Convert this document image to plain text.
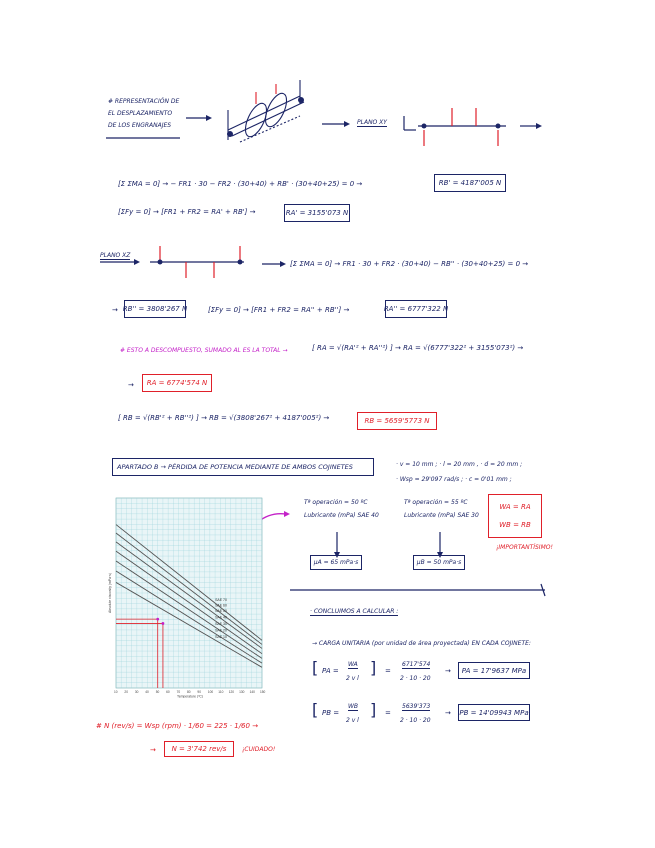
# REPRESENTACIÓN DE
EL DESPLAZAMIENTO
DE LOS ENGRANAJES	PLANO XY
[Σ ΣMA = 0] → − FR1 · 30 − FR2 · (30+40) + RB' · (30+40+25) = 0 →	RB' = 4187'005 N
[ΣFy = 0] → [FR1 + FR2 = RA' + RB'] →	RA' = 3155'073 N
PLANO XZ
[Σ ΣMA = 0] → FR1 · 30 + FR2 · (30+40) − RB'' · (30+40+25) = 0 →
→ RB'' = 3808'267 N	[ΣFy = 0] → [FR1 + FR2 = RA'' + RB''] →	RA'' = 6777'322 N
# ESTO A DESCOMPUESTO, SUMADO AL ES LA TOTAL →	[ RA = √(RA'² + RA''²) ] → RA = √(6777'322² + 3155'073²) →
→	RA = 6774'574 N
[ RB = √(RB'² + RB''²) ] → RB = √(3808'267² + 4187'005²) →	RB = 5659'5773 N
APARTADO B → PÉRDIDA DE POTENCIA MEDIANTE DE AMBOS COJINETES	· v = 10 mm ; · l = 20 mm , · d = 20 mm ;
· Wsp = 29'097 rad/s ; · c = 0'01 mm ;
SAE 70
SAE 60
SAE 50
SAE 40
SAE 30
SAE 20
SAE 10
10 20 30 40 50 60 70 80 90 100 110 120 130 140 150
Temperature (ºC)
Absolute viscosity (mPa·s)
Tª operación = 50 ºC
Lubricante (mPa) SAE 40
Tª operación = 55 ºC
Lubricante (mPa) SAE 30
μA = 65 mPa·s	μB = 50 mPa·s
WA = RA
WB = RB
¡IMPORTANTÍSIMO!
· CONCLUIMOS A CALCULAR :
→ CARGA UNITARIA (por unidad de área proyectada) EN CADA COJINETE:
[ PA =
WA
2 v l
] =
6717'574
2 · 10 · 20
→	PA = 17'9637 MPa
[ PB =
WB
2 v l
] =
5639'373
2 · 10 · 20
→ PB = 14'09943 MPa
# N (rev/s) = Wsp (rpm) · 1/60 = 225 · 1/60 →
→	N = 3'742 rev/s	¡CUIDADO!
